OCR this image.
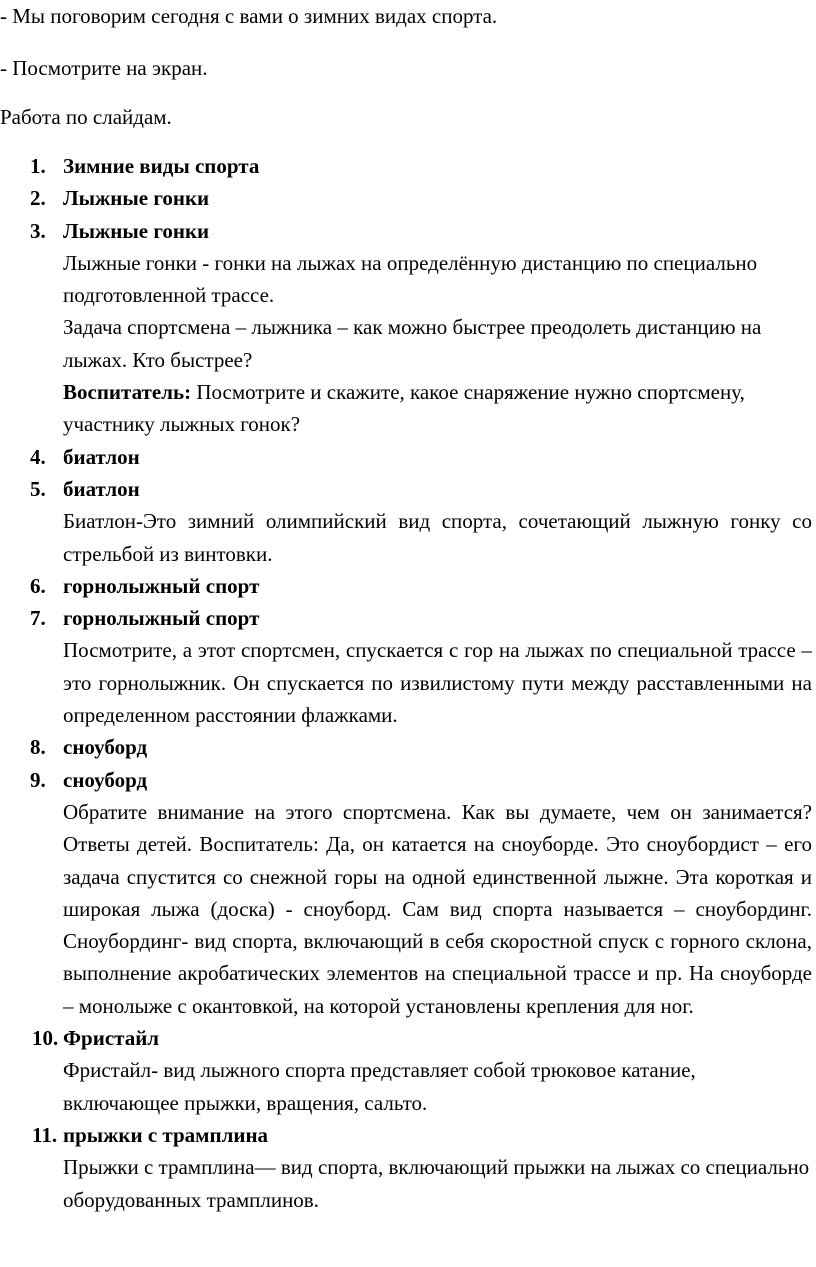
- Мы поговорим сегодня с вами о зимних видах спорта.

- Посмотрите на экран.

Работа по слайдам.

1. Зимние виды спорта
2. Лыжные гонки
3. Лыжные гонки

Лыжные гонки - гонки на лыжах на определённую дистанцию по специально подготовленной трассе.

Задача спортсмена – лыжника – как можно быстрее преодолеть дистанцию на лыжах. Кто быстрее?

Воспитатель: Посмотрите и скажите, какое снаряжение нужно спортсмену, участнику лыжных гонок?

4. биатлон
5. биатлон

Биатлон-Это зимний олимпийский вид спорта, сочетающий лыжную гонку со стрельбой из винтовки.

6. горнолыжный спорт
7. горнолыжный спорт

Посмотрите, а этот спортсмен, спускается с гор на лыжах по специальной трассе – это горнолыжник. Он спускается по извилистому пути между расставленными на определенном расстоянии флажками.

8. сноуборд
9. сноуборд

Обратите внимание на этого спортсмена. Как вы думаете, чем он занимается? Ответы детей. Воспитатель: Да, он катается на сноуборде. Это сноубордист – его задача спустится со снежной горы на одной единственной лыжне. Эта короткая и широкая лыжа (доска) - сноуборд. Сам вид спорта называется – сноубординг. Сноубординг- вид спорта, включающий в себя скоростной спуск с горного склона, выполнение акробатических элементов на специальной трассе и пр. На сноуборде – монолыже с окантовкой, на которой установлены крепления для ног.

10. Фристайл

Фристайл- вид лыжного спорта представляет собой трюковое катание, включающее прыжки, вращения, сальто.

11. прыжки с трамплина

Прыжки с трамплина— вид спорта, включающий прыжки на лыжах со специально оборудованных трамплинов.
